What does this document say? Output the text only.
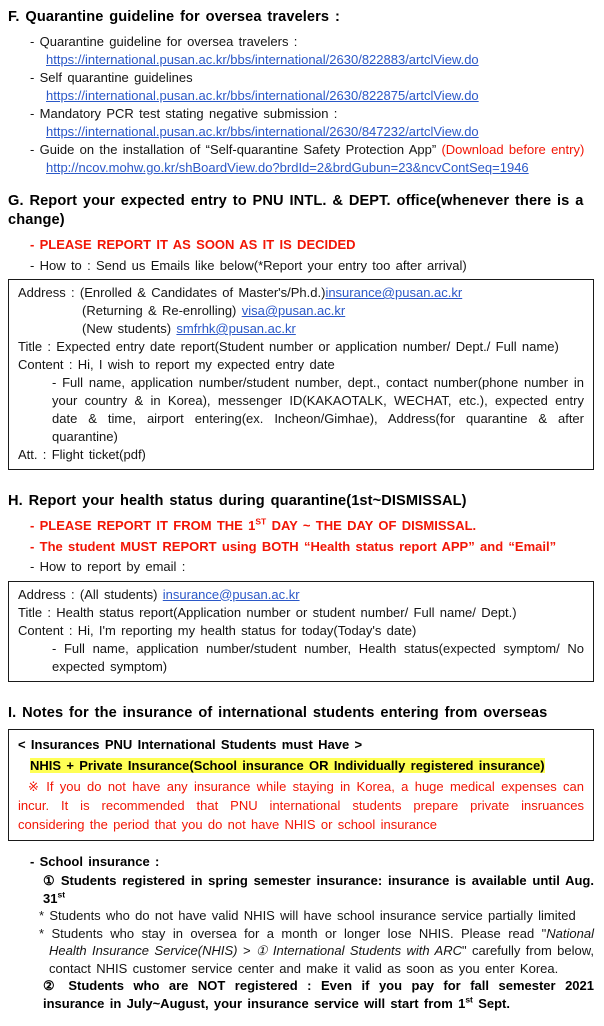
F. Quarantine guideline for oversea travelers :
- Quarantine guideline for oversea travelers :
https://international.pusan.ac.kr/bbs/international/2630/822883/artclView.do
- Self quarantine guidelines
https://international.pusan.ac.kr/bbs/international/2630/822875/artclView.do
- Mandatory PCR test stating negative submission :
https://international.pusan.ac.kr/bbs/international/2630/847232/artclView.do
- Guide on the installation of “Self-quarantine Safety Protection App” (Download before entry)
http://ncov.mohw.go.kr/shBoardView.do?brdId=2&brdGubun=23&ncvContSeq=1946
G. Report your expected entry to PNU INTL. & DEPT. office(whenever there is a change)
- PLEASE REPORT IT AS SOON AS IT IS DECIDED
- How to : Send us Emails like below(*Report your entry too after arrival)
Address : (Enrolled & Candidates of Master's/Ph.d.)insurance@pusan.ac.kr
(Returning & Re-enrolling) visa@pusan.ac.kr
(New students) smfrhk@pusan.ac.kr
Title : Expected entry date report(Student number or application number/ Dept./ Full name)
Content : Hi, I wish to report my expected entry date
- Full name, application number/student number, dept., contact number(phone number in your country & in Korea), messenger ID(KAKAOTALK, WECHAT, etc.), expected entry date & time, airport entering(ex. Incheon/Gimhae), Address(for quarantine & after quarantine)
Att. : Flight ticket(pdf)
H. Report your health status during quarantine(1st~DISMISSAL)
- PLEASE REPORT IT FROM THE 1ST DAY ~ THE DAY OF DISMISSAL.
- The student MUST REPORT using BOTH “Health status report APP” and “Email”
- How to report by email :
Address : (All students) insurance@pusan.ac.kr
Title : Health status report(Application number or student number/ Full name/ Dept.)
Content : Hi, I'm reporting my health status for today(Today's date)
- Full name, application number/student number, Health status(expected symptom/ No expected symptom)
I. Notes for the insurance of international students entering from overseas
< Insurances PNU International Students must Have >
NHIS + Private Insurance(School insurance OR Individually registered insurance)
※ If you do not have any insurance while staying in Korea, a huge medical expenses can incur. It is recommended that PNU international students prepare private insruances considering the period that you do not have NHIS or school insurance
- School insurance :
① Students registered in spring semester insurance: insurance is available until Aug. 31st
* Students who do not have valid NHIS will have school insurance service partially limited
* Students who stay in oversea for a month or longer lose NHIS. Please read "National Health Insurance Service(NHIS) > ① International Students with ARC" carefully from below, contact NHIS customer service center and make it valid as soon as you enter Korea.
② Students who are NOT registered : Even if you pay for fall semester 2021 insurance in July~August, your insurance service will start from 1st Sept.
